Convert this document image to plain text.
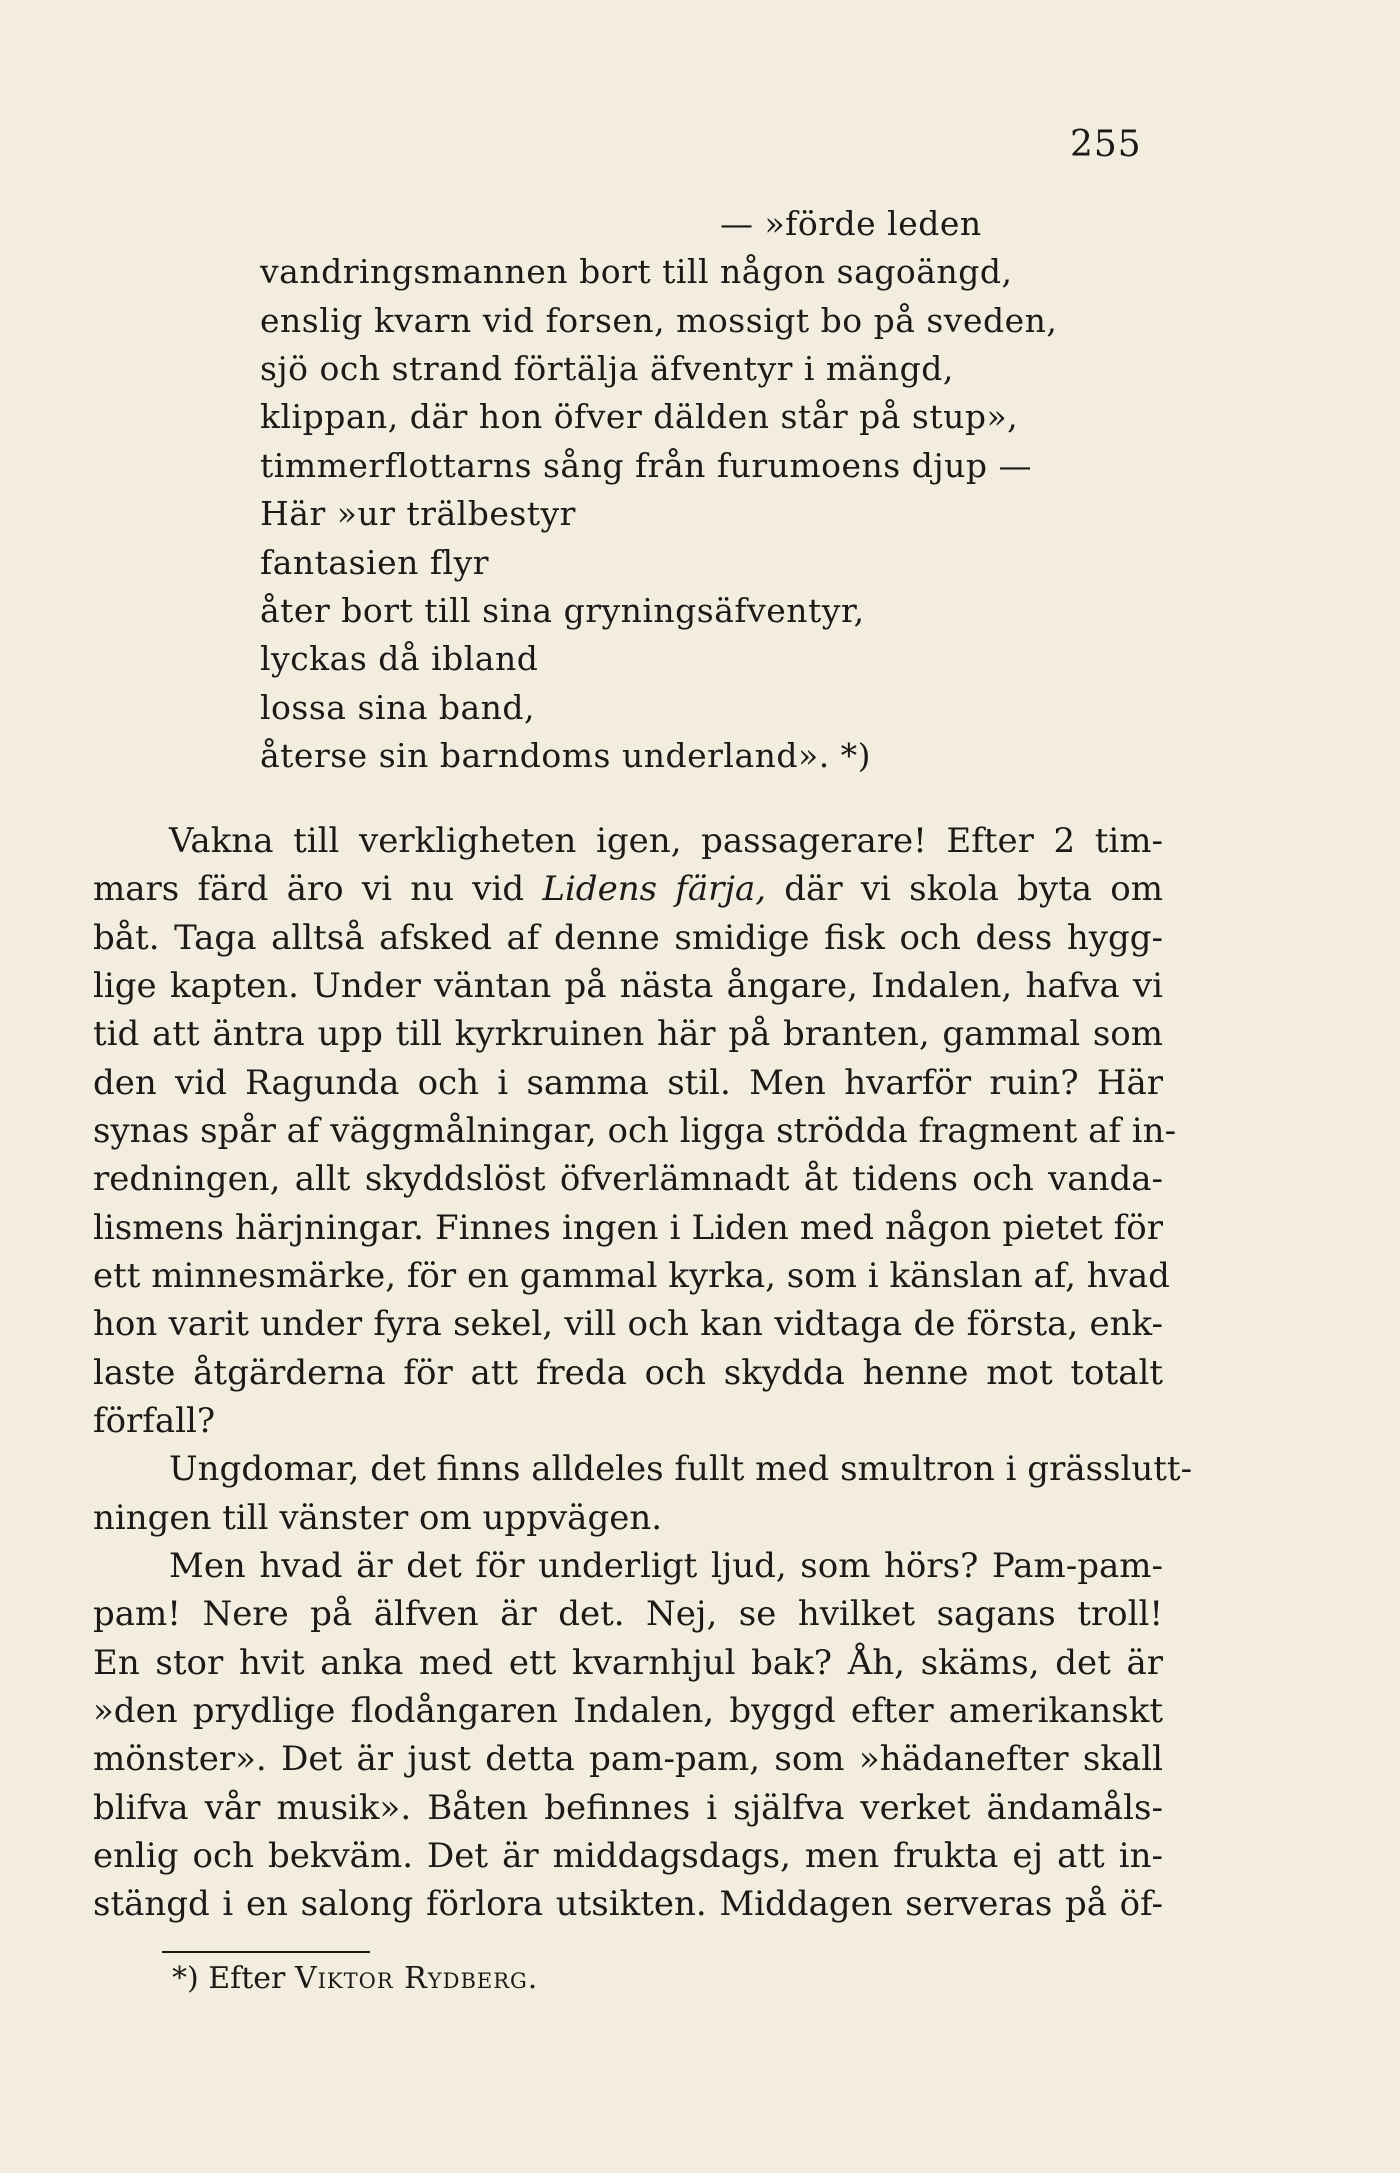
255
— »förde leden
vandringsmannen bort till någon sagoängd,
enslig kvarn vid forsen, mossigt bo på sveden,
sjö och strand förtälja äfventyr i mängd,
klippan, där hon öfver dälden står på stup»,
timmerflottarns sång från furumoens djup —
Här »ur trälbestyr
fantasien flyr
åter bort till sina gryningsäfventyr,
lyckas då ibland
lossa sina band,
återse sin barndoms underland». *)
Vakna till verkligheten igen, passagerare! Efter 2 tim-
mars färd äro vi nu vid Lidens färja, där vi skola byta om
båt. Taga alltså afsked af denne smidige fisk och dess hygg-
lige kapten. Under väntan på nästa ångare, Indalen, hafva vi
tid att äntra upp till kyrkruinen här på branten, gammal som
den vid Ragunda och i samma stil. Men hvarför ruin? Här
synas spår af väggmålningar, och ligga strödda fragment af in-
redningen, allt skyddslöst öfverlämnadt åt tidens och vanda-
lismens härjningar. Finnes ingen i Liden med någon pietet för
ett minnesmärke, för en gammal kyrka, som i känslan af, hvad
hon varit under fyra sekel, vill och kan vidtaga de första, enk-
laste åtgärderna för att freda och skydda henne mot totalt
förfall?
Ungdomar, det finns alldeles fullt med smultron i grässlutt-
ningen till vänster om uppvägen.
Men hvad är det för underligt ljud, som hörs? Pam-pam-
pam! Nere på älfven är det. Nej, se hvilket sagans troll!
En stor hvit anka med ett kvarnhjul bak? Åh, skäms, det är
»den prydlige flodångaren Indalen, byggd efter amerikanskt
mönster». Det är just detta pam-pam, som »hädanefter skall
blifva vår musik». Båten befinnes i själfva verket ändamåls-
enlig och bekväm. Det är middagsdags, men frukta ej att in-
stängd i en salong förlora utsikten. Middagen serveras på öf-
*) Efter Viktor Rydberg.
